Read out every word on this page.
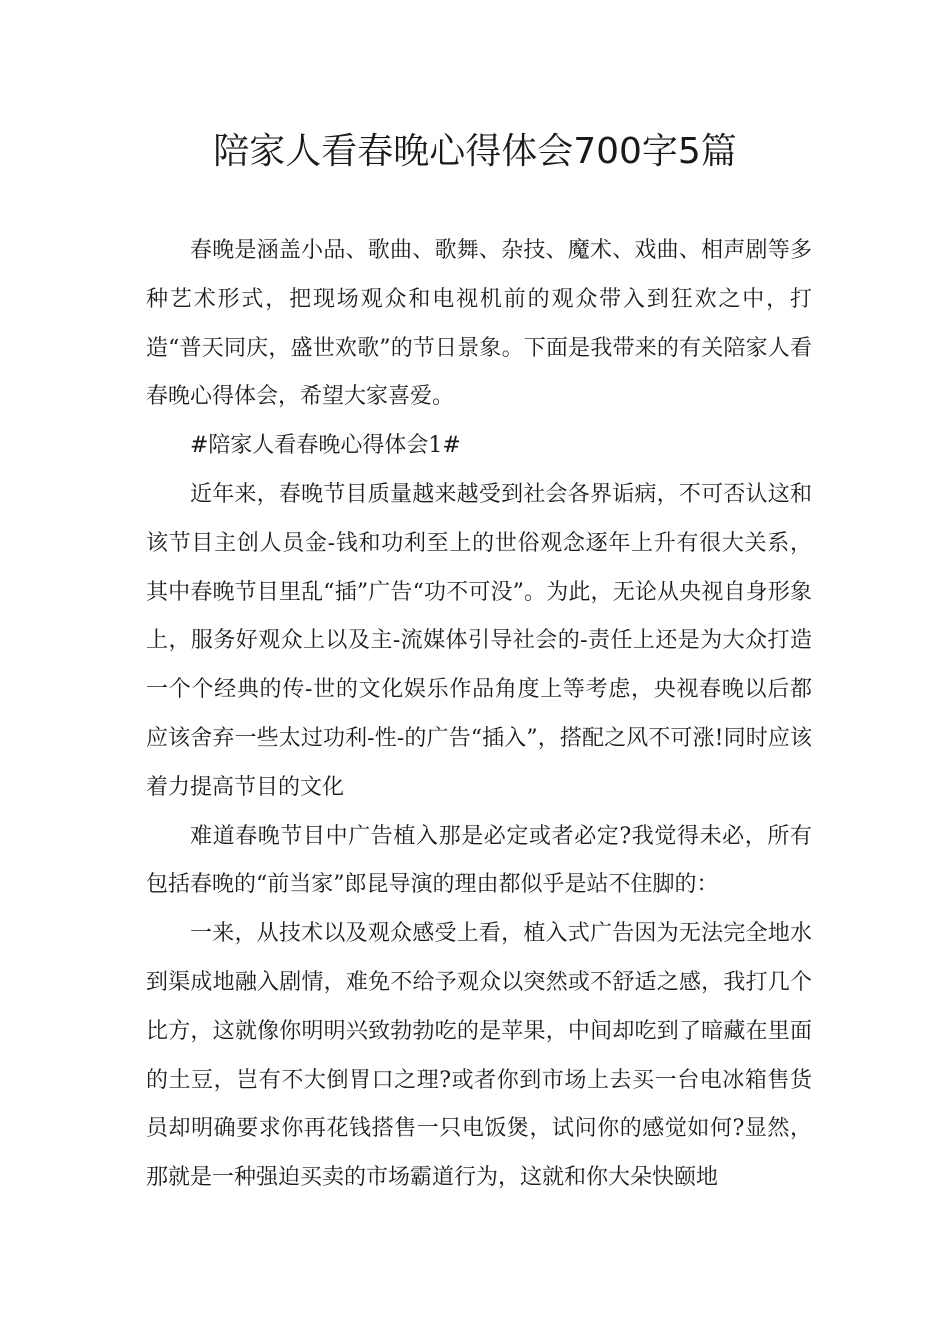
陪家人看春晚心得体会700字5篇

春晚是涵盖小品、歌曲、歌舞、杂技、魔术、戏曲、相声剧等多种艺术形式，把现场观众和电视机前的观众带入到狂欢之中，打造“普天同庆，盛世欢歌”的节日景象。下面是我带来的有关陪家人看春晚心得体会，希望大家喜爱。

#陪家人看春晚心得体会1#

近年来，春晚节目质量越来越受到社会各界诟病，不可否认这和该节目主创人员金-钱和功利至上的世俗观念逐年上升有很大关系，其中春晚节目里乱“插”广告“功不可没”。为此，无论从央视自身形象上，服务好观众上以及主-流媒体引导社会的-责任上还是为大众打造一个个经典的传-世的文化娱乐作品角度上等考虑，央视春晚以后都应该舍弃一些太过功利-性-的广告“插入”，搭配之风不可涨!同时应该着力提高节目的文化

难道春晚节目中广告植入那是必定或者必定?我觉得未必，所有包括春晚的“前当家”郎昆导演的理由都似乎是站不住脚的：

一来，从技术以及观众感受上看，植入式广告因为无法完全地水到渠成地融入剧情，难免不给予观众以突然或不舒适之感，我打几个比方，这就像你明明兴致勃勃吃的是苹果，中间却吃到了暗藏在里面的土豆，岂有不大倒胃口之理?或者你到市场上去买一台电冰箱售货员却明确要求你再花钱搭售一只电饭煲，试问你的感觉如何?显然，那就是一种强迫买卖的市场霸道行为，这就和你大朵快颐地
